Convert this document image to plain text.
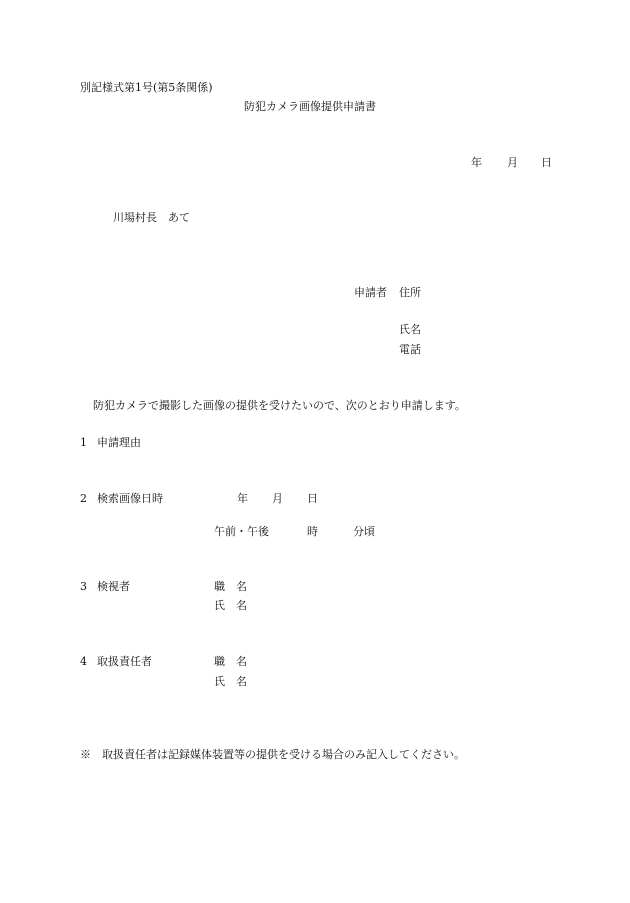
別記様式第1号(第5条関係)
防犯カメラ画像提供申請書
年 月 日
川場村長　あて
申請者 住所
氏名
電話
防犯カメラで撮影した画像の提供を受けたいので、次のとおり申請します。
1 申請理由
2 検索画像日時	年 月 日
午前・午後	時	分頃
3 検視者	職　名
氏　名
4 取扱責任者	職　名
氏　名
※　取扱責任者は記録媒体装置等の提供を受ける場合のみ記入してください。
